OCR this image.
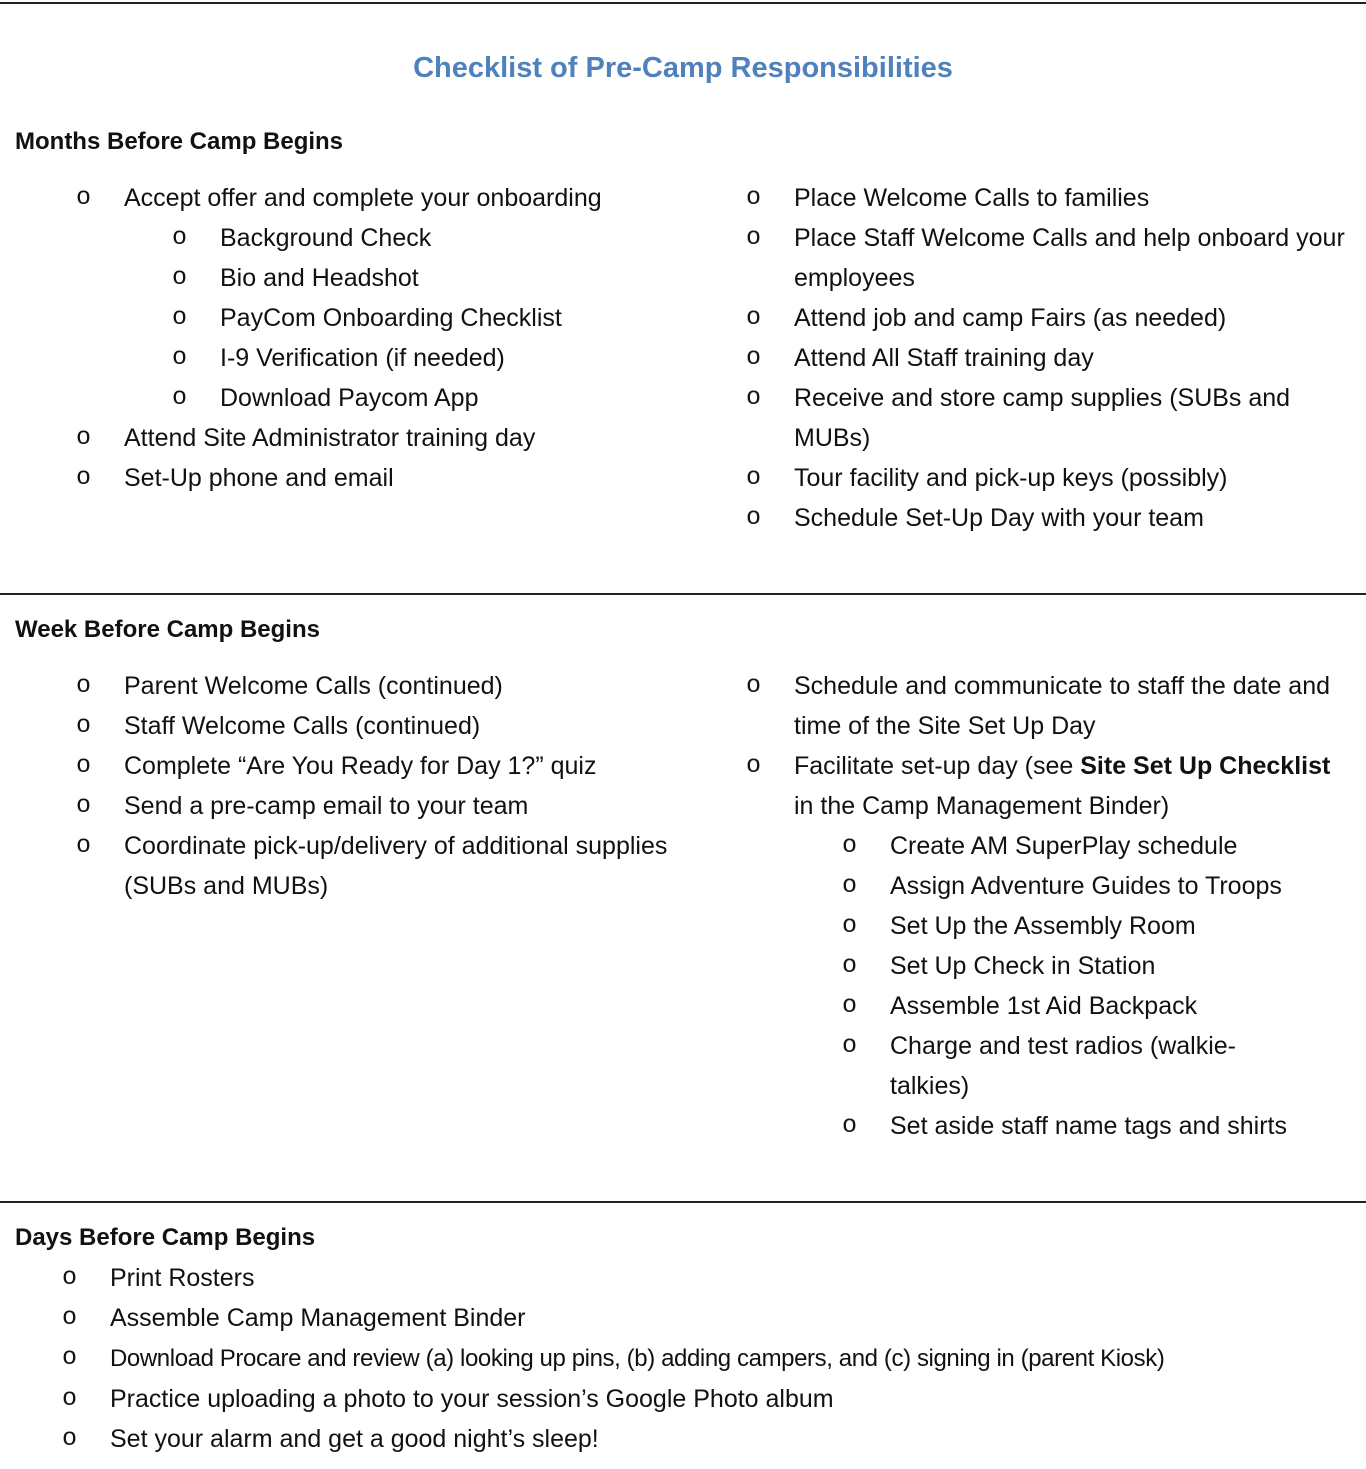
Checklist of Pre-Camp Responsibilities
Months Before Camp Begins
o	Accept offer and complete your onboarding
o	Background Check
o	Bio and Headshot
o	PayCom Onboarding Checklist
o	I-9 Verification (if needed)
o	Download Paycom App
o	Attend Site Administrator training day
o	Set-Up phone and email
o	Place Welcome Calls to families
o	Place Staff Welcome Calls and help onboard your employees
o	Attend job and camp Fairs (as needed)
o	Attend All Staff training day
o	Receive and store camp supplies (SUBs and MUBs)
o	Tour facility and pick-up keys (possibly)
o	Schedule Set-Up Day with your team
Week Before Camp Begins
o	Parent Welcome Calls (continued)
o	Staff Welcome Calls (continued)
o	Complete “Are You Ready for Day 1?” quiz
o	Send a pre-camp email to your team
o	Coordinate pick-up/delivery of additional supplies (SUBs and MUBs)
o	Schedule and communicate to staff the date and time of the Site Set Up Day
o	Facilitate set-up day (see Site Set Up Checklist in the Camp Management Binder)
o	Create AM SuperPlay schedule
o	Assign Adventure Guides to Troops
o	Set Up the Assembly Room
o	Set Up Check in Station
o	Assemble 1st Aid Backpack
o	Charge and test radios (walkie-talkies)
o	Set aside staff name tags and shirts
Days Before Camp Begins
o	Print Rosters
o	Assemble Camp Management Binder
o	Download Procare and review (a) looking up pins, (b) adding campers, and (c) signing in (parent Kiosk)
o	Practice uploading a photo to your session’s Google Photo album
o	Set your alarm and get a good night’s sleep!
